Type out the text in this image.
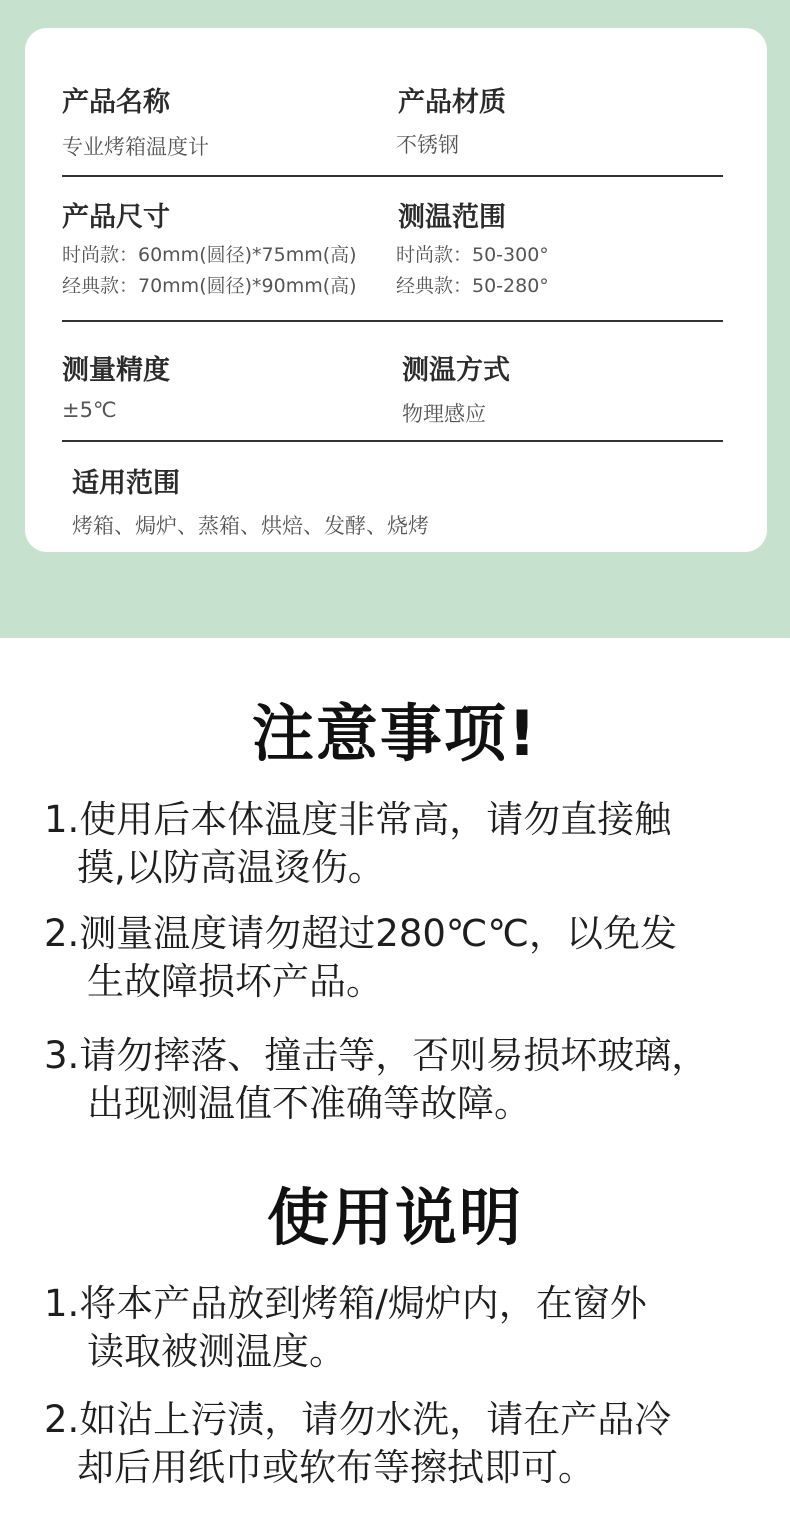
产品名称
专业烤箱温度计
产品材质
不锈钢
产品尺寸
时尚款：60mm(圆径)*75mm(高)
经典款：70mm(圆径)*90mm(高)
测温范围
时尚款：50-300°
经典款：50-280°
测量精度
±5℃
测温方式
物理感应
适用范围
烤箱、焗炉、蒸箱、烘焙、发酵、烧烤
注意事项!
1.使用后本体温度非常高，请勿直接触
摸,以防高温烫伤。
2.测量温度请勿超过280℃℃，以免发
生故障损坏产品。
3.请勿摔落、撞击等，否则易损坏玻璃，
出现测温值不准确等故障。
使用说明
1.将本产品放到烤箱/焗炉内，在窗外
读取被测温度。
2.如沾上污渍，请勿水洗，请在产品冷
却后用纸巾或软布等擦拭即可。
